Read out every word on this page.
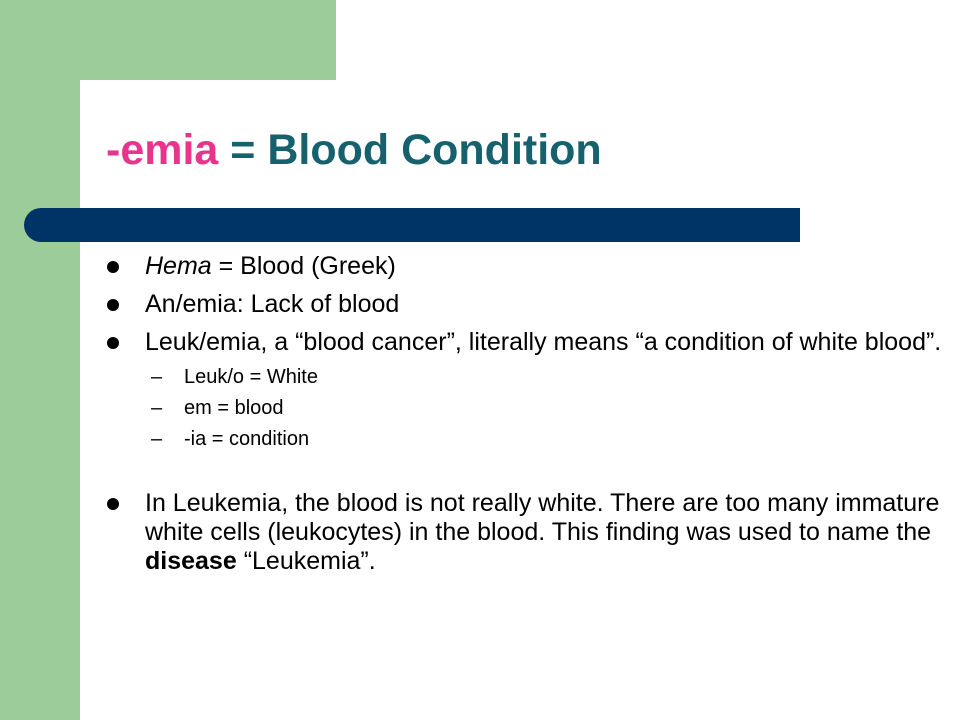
-emia = Blood Condition
Hema = Blood (Greek)
An/emia: Lack of blood
Leuk/emia, a “blood cancer”, literally means “a condition of white blood”.
– Leuk/o = White
– em = blood
– -ia = condition
In Leukemia, the blood is not really white. There are too many immature white cells (leukocytes) in the blood. This finding was used to name the disease “Leukemia”.
